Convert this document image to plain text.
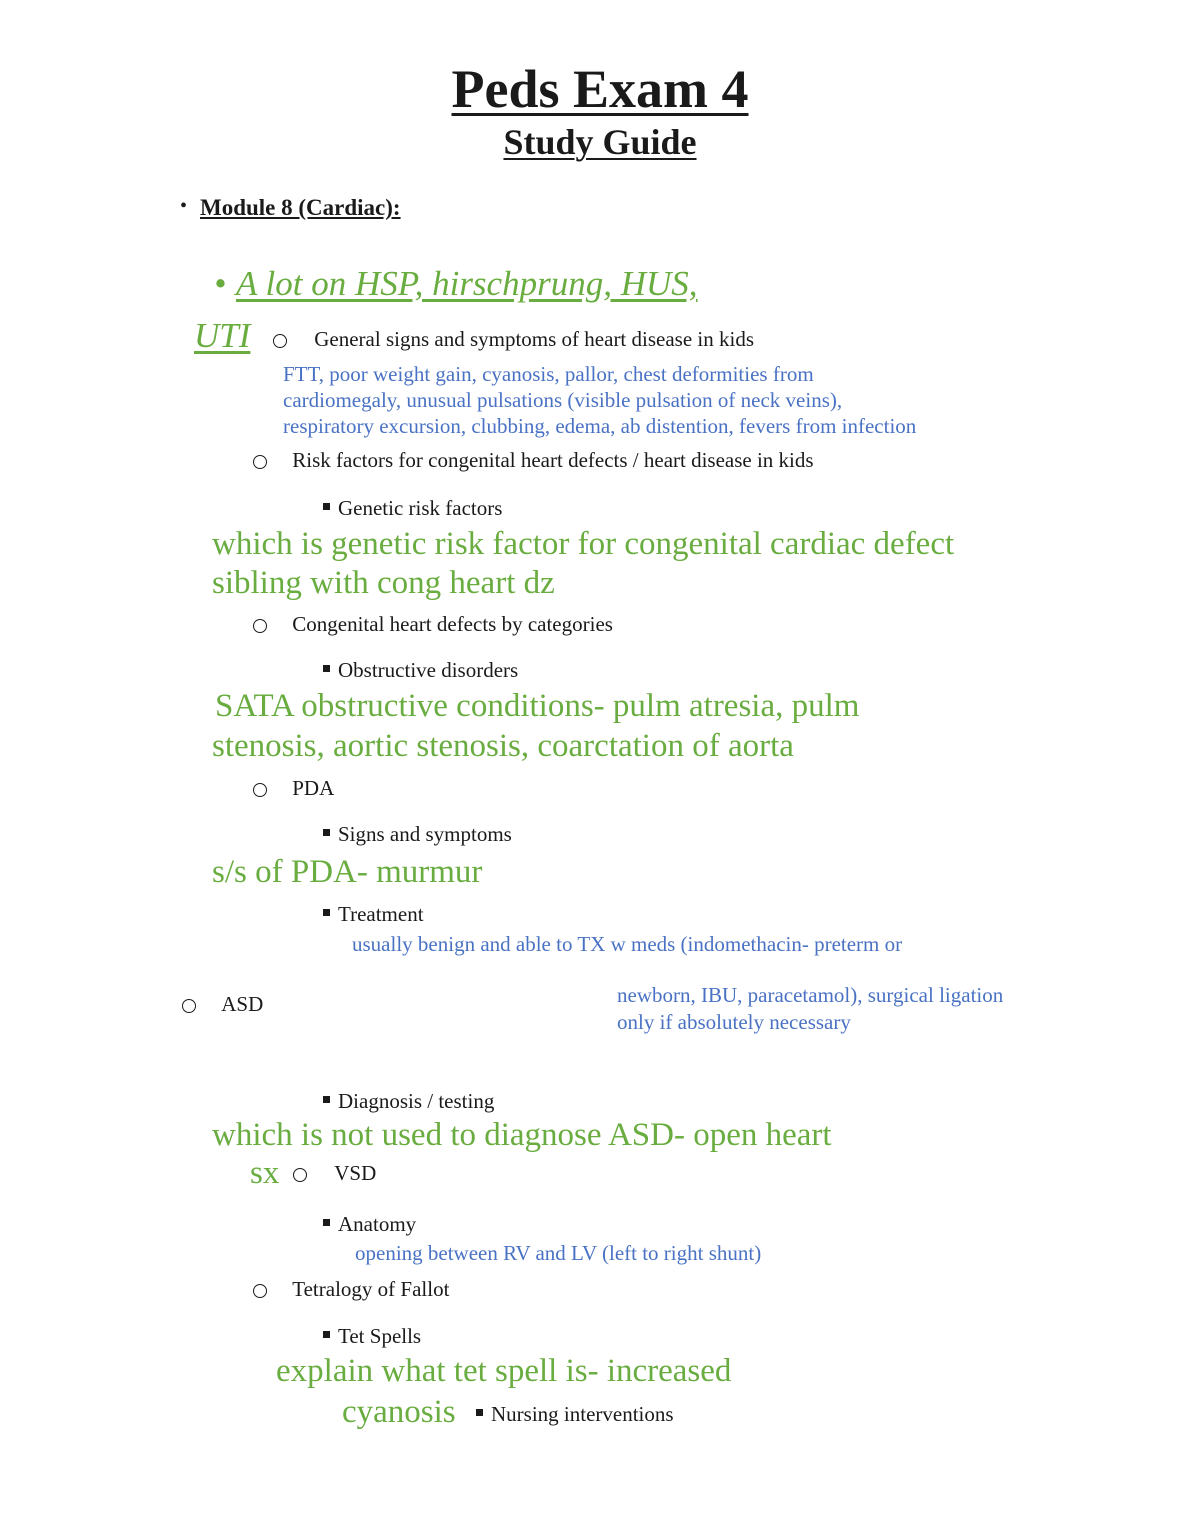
Peds Exam 4
Study Guide
• Module 8 (Cardiac):
• A lot on HSP, hirschprung, HUS,
UTI	General signs and symptoms of heart disease in kids
FTT, poor weight gain, cyanosis, pallor, chest deformities from
cardiomegaly, unusual pulsations (visible pulsation of neck veins),
respiratory excursion, clubbing, edema, ab distention, fevers from infection
Risk factors for congenital heart defects / heart disease in kids
Genetic risk factors
which is genetic risk factor for congenital cardiac defect
sibling with cong heart dz
Congenital heart defects by categories
Obstructive disorders
SATA obstructive conditions- pulm atresia, pulm
stenosis, aortic stenosis, coarctation of aorta
PDA
Signs and symptoms
s/s of PDA- murmur
Treatment
usually benign and able to TX w meds (indomethacin- preterm or
ASD	newborn, IBU, paracetamol), surgical ligation
only if absolutely necessary
Diagnosis / testing
which is not used to diagnose ASD- open heart
sx	VSD
Anatomy
opening between RV and LV (left to right shunt)
Tetralogy of Fallot
Tet Spells
explain what tet spell is- increased
cyanosis	Nursing interventions
